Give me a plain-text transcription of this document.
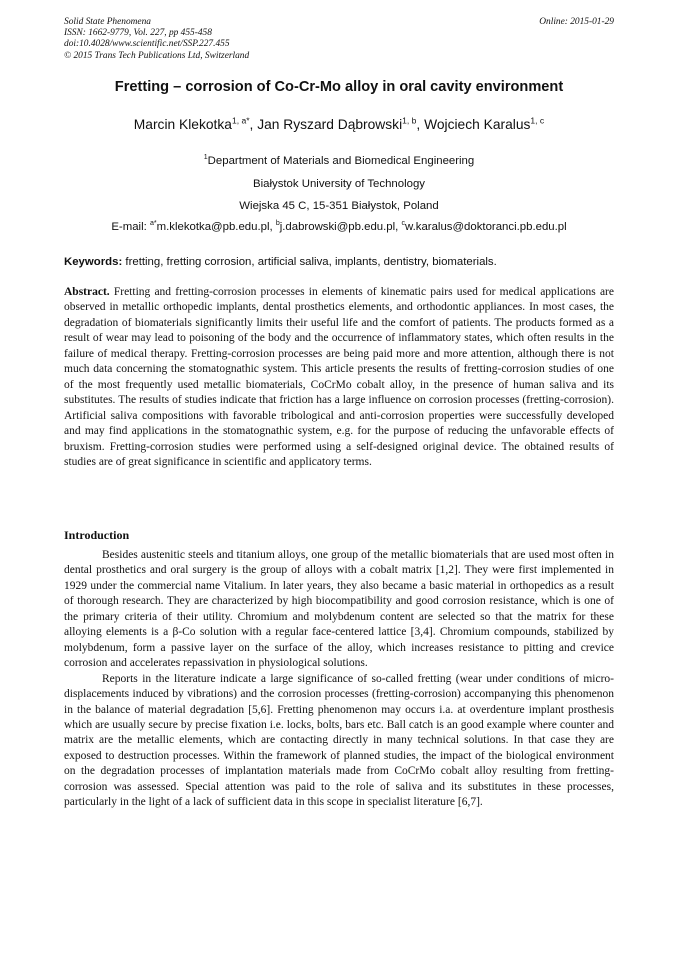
Solid State Phenomena
ISSN: 1662-9779, Vol. 227, pp 455-458
doi:10.4028/www.scientific.net/SSP.227.455
© 2015 Trans Tech Publications Ltd, Switzerland
Online: 2015-01-29
Fretting – corrosion of Co-Cr-Mo alloy in oral cavity environment
Marcin Klekotka$^{1, a*}$, Jan Ryszard Dąbrowski$^{1, b}$, Wojciech Karalus$^{1, c}$
$^1$Department of Materials and Biomedical Engineering
Białystok University of Technology
Wiejska 45 C, 15-351 Białystok, Poland
E-mail: $^{a*}$m.klekotka@pb.edu.pl, $^b$j.dabrowski@pb.edu.pl, $^c$w.karalus@doktoranci.pb.edu.pl
Keywords: fretting, fretting corrosion, artificial saliva, implants, dentistry, biomaterials.
Abstract. Fretting and fretting-corrosion processes in elements of kinematic pairs used for medical applications are observed in metallic orthopedic implants, dental prosthetics elements, and orthodontic appliances. In most cases, the degradation of biomaterials significantly limits their useful life and the comfort of patients. The products formed as a result of wear may lead to poisoning of the body and the occurrence of inflammatory states, which often results in the failure of medical therapy. Fretting-corrosion processes are being paid more and more attention, although there is not much data concerning the stomatognathic system. This article presents the results of fretting-corrosion studies of one of the most frequently used metallic biomaterials, CoCrMo cobalt alloy, in the presence of human saliva and its substitutes. The results of studies indicate that friction has a large influence on corrosion processes (fretting-corrosion). Artificial saliva compositions with favorable tribological and anti-corrosion properties were successfully developed and may find applications in the stomatognathic system, e.g. for the purpose of reducing the unfavorable effects of bruxism. Fretting-corrosion studies were performed using a self-designed original device. The obtained results of studies are of great significance in scientific and applicatory terms.
Introduction

Besides austenitic steels and titanium alloys, one group of the metallic biomaterials that are used most often in dental prosthetics and oral surgery is the group of alloys with a cobalt matrix [1,2]. They were first implemented in 1929 under the commercial name Vitalium. In later years, they also became a basic material in orthopedics as a result of thorough research. They are characterized by high biocompatibility and good corrosion resistance, which is one of the primary criteria of their utility. Chromium and molybdenum content are selected so that the matrix for these alloying elements is a β-Co solution with a regular face-centered lattice [3,4]. Chromium compounds, stabilized by molybdenum, form a passive layer on the surface of the alloy, which increases resistance to pitting and crevice corrosion and accelerates repassivation in physiological solutions.

Reports in the literature indicate a large significance of so-called fretting (wear under conditions of micro-displacements induced by vibrations) and the corrosion processes (fretting-corrosion) accompanying this phenomenon in the balance of material degradation [5,6]. Fretting phenomenon may occurs i.a. at overdenture implant prosthesis which are usually secure by precise fixation i.e. locks, bolts, bars etc. Ball catch is an good example where counter and matrix are the metallic elements, which are contacting directly in many technical solutions. In that case they are exposed to destruction processes. Within the framework of planned studies, the impact of the biological environment on the degradation processes of implantation materials made from CoCrMo cobalt alloy resulting from fretting-corrosion was assessed. Special attention was paid to the role of saliva and its substitutes in these processes, particularly in the light of a lack of sufficient data in this scope in specialist literature [6,7].
